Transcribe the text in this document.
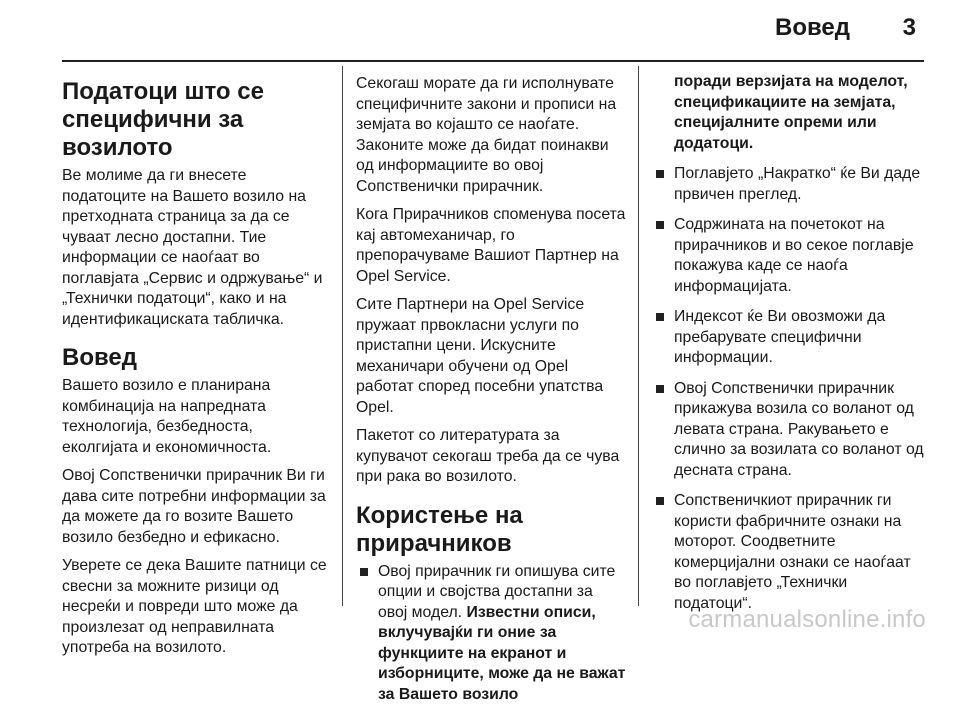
Вовед 3
Податоци што се специфични за возилото

Ве молиме да ги внесете податоците на Вашето возило на претходната страница за да се чуваат лесно достапни. Тие информации се наоѓаат во поглавјата „Сервис и одржување“ и „Технички податоци“, како и на идентификациската табличка.

Вовед

Вашето возило е планирана комбинација на напредната технологија, безбедноста, еколгијата и економичноста.

Овој Сопственички прирачник Ви ги дава сите потребни информации за да можете да го возите Вашето возило безбедно и ефикасно.

Уверете се дека Вашите патници се свесни за можните ризици од несреќи и повреди што може да произлезат од неправилната употреба на возилото.

Секогаш морате да ги исполнувате специфичните закони и прописи на земјата во којашто се наоѓате. Законите може да бидат поинакви од информациите во овој Сопственички прирачник.

Кога Прирачников споменува посета кај автомеханичар, го препорачуваме Вашиот Партнер на Opel Service.

Сите Партнери на Opel Service пружаат првокласни услуги по пристапни цени. Искусните механичари обучени од Opel работат според посебни упатства Opel.

Пакетот со литературата за купувачот секогаш треба да се чува при рака во возилото.

Користење на прирачников
Овој прирачник ги опишува сите опции и својства достапни за овој модел. Известни описи, вклучувајќи ги оние за функциите на екранот и изборниците, може да не важат за Вашето возило
поради верзијата на моделот, спецификациите на земјата, специјалните опреми или додатоци.
Поглавјето „Накратко“ ќе Ви даде првичен преглед.
Содржината на почетокот на прирачников и во секое поглавје покажува каде се наоѓа информацијата.
Индексот ќе Ви овозможи да пребарувате специфични информации.
Овој Сопственички прирачник прикажува возила со воланот од левата страна. Ракувањето е слично за возилата со воланот од десната страна.
Сопственичкиот прирачник ги користи фабричните ознаки на моторот. Соодветните комерцијални ознаки се наоѓаат во поглавјето „Технички податоци“.
carmanualsonline.info
